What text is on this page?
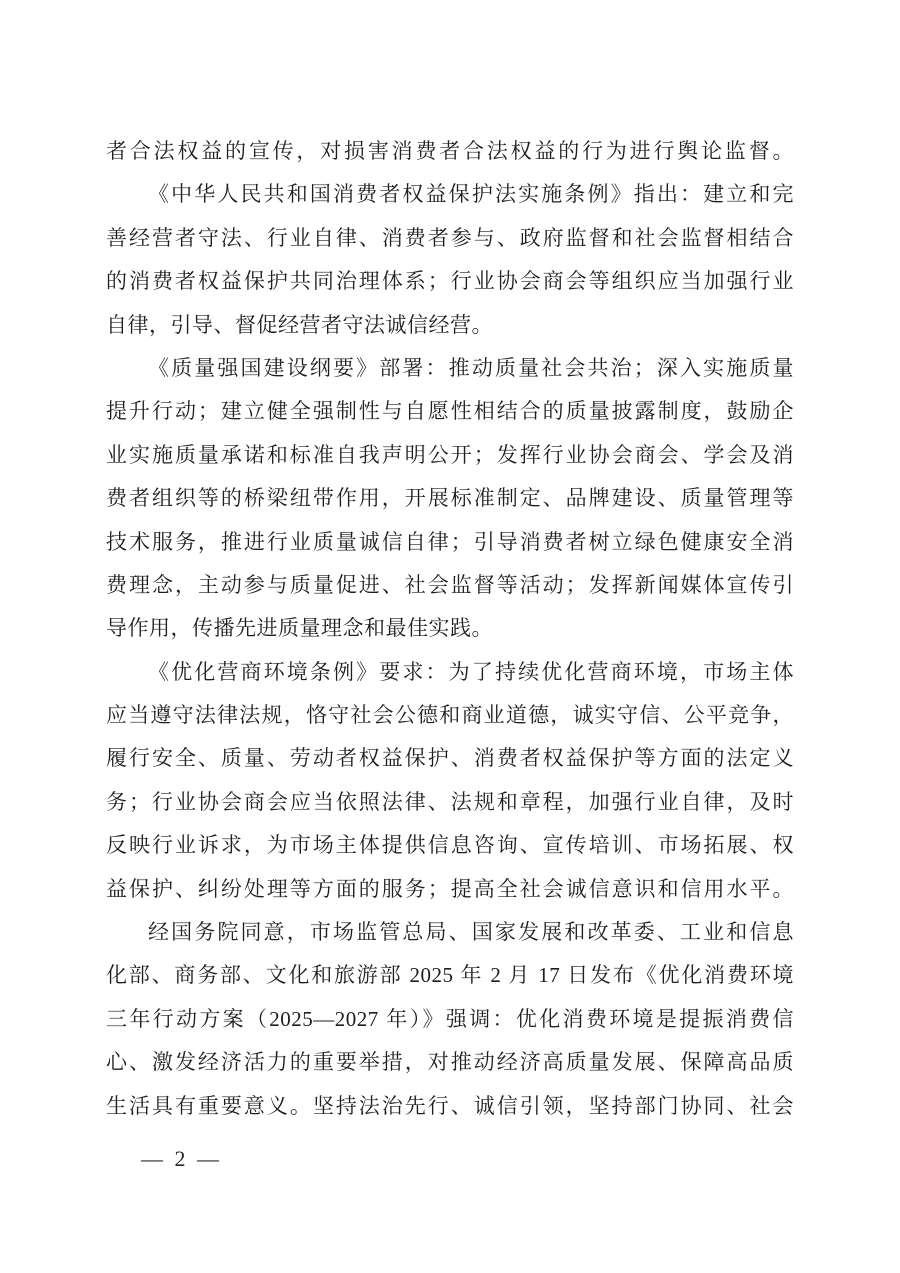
者合法权益的宣传，对损害消费者合法权益的行为进行舆论监督。
《中华人民共和国消费者权益保护法实施条例》指出：建立和完
善经营者守法、行业自律、消费者参与、政府监督和社会监督相结合
的消费者权益保护共同治理体系；行业协会商会等组织应当加强行业
自律，引导、督促经营者守法诚信经营。
《质量强国建设纲要》部署：推动质量社会共治；深入实施质量
提升行动；建立健全强制性与自愿性相结合的质量披露制度，鼓励企
业实施质量承诺和标准自我声明公开；发挥行业协会商会、学会及消
费者组织等的桥梁纽带作用，开展标准制定、品牌建设、质量管理等
技术服务，推进行业质量诚信自律；引导消费者树立绿色健康安全消
费理念，主动参与质量促进、社会监督等活动；发挥新闻媒体宣传引
导作用，传播先进质量理念和最佳实践。
《优化营商环境条例》要求：为了持续优化营商环境，市场主体
应当遵守法律法规，恪守社会公德和商业道德，诚实守信、公平竞争，
履行安全、质量、劳动者权益保护、消费者权益保护等方面的法定义
务；行业协会商会应当依照法律、法规和章程，加强行业自律，及时
反映行业诉求，为市场主体提供信息咨询、宣传培训、市场拓展、权
益保护、纠纷处理等方面的服务；提高全社会诚信意识和信用水平。
经国务院同意，市场监管总局、国家发展和改革委、工业和信息
化部、商务部、文化和旅游部 2025 年 2 月 17 日发布《优化消费环境
三年行动方案（2025—2027 年）》强调：优化消费环境是提振消费信
心、激发经济活力的重要举措，对推动经济高质量发展、保障高品质
生活具有重要意义。坚持法治先行、诚信引领，坚持部门协同、社会
— 2 —
